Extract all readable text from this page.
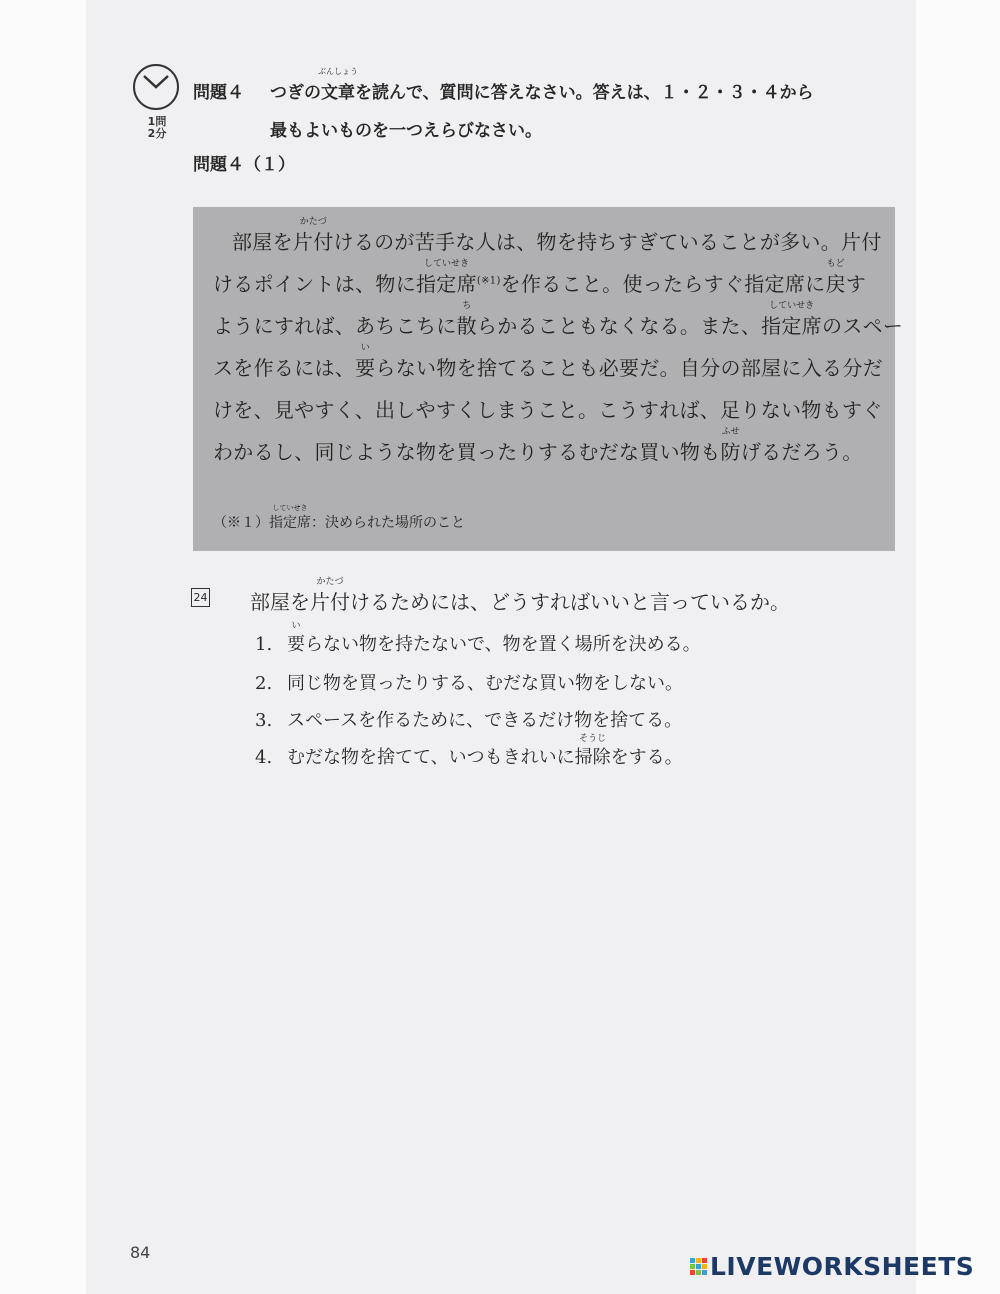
1問
2分
問題４ つぎの文章
ぶんしょう
を読んで、質問に答えなさい。答えは、１・２・３・４から
最もよいものを一つえらびなさい。
問題４（１）
部屋を片付
かたづ
けるのが苦手な人は、物を持ちすぎていることが多い。片付
けるポイントは、物に指定席
していせき
$^{(※1)}$を作ること。使ったらすぐ指定席に戻
もど
す
ようにすれば、あちこちに散
ち
らかることもなくなる。また、指定席
していせき
のスペー
スを作るには、要
い
らない物を捨てることも必要だ。自分の部屋に入る分だ
けを、見やすく、出しやすくしまうこと。こうすれば、足りない物もすぐ
わかるし、同じような物を買ったりするむだな買い物も防
ふせ
げるだろう。
（※１）指定席
していせき
：決められた場所のこと
24 部屋を片付
かたづ
けるためには、どうすればいいと言っているか。
1. 要
い
らない物を持たないで、物を置く場所を決める。
2. 同じ物を買ったりする、むだな買い物をしない。
3. スペースを作るために、できるだけ物を捨てる。
4. むだな物を捨てて、いつもきれいに掃除
そうじ
をする。
84	LIVEWORKSHEETS
